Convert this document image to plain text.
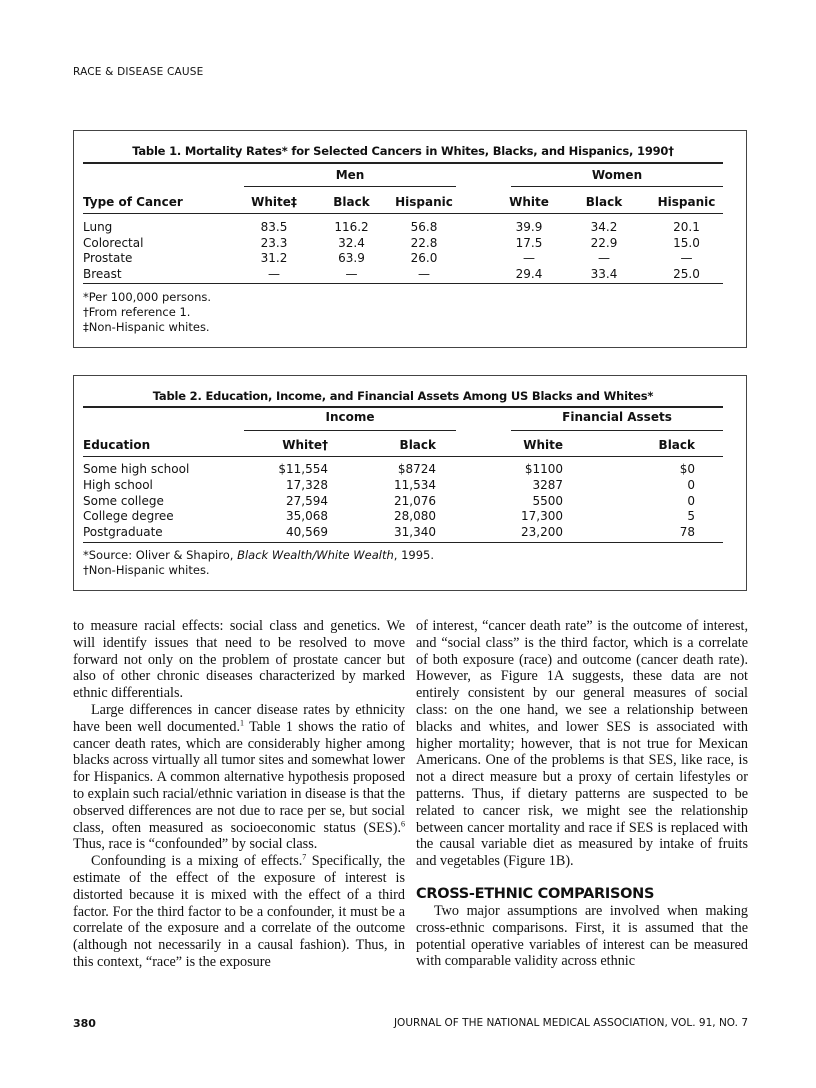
RACE & DISEASE CAUSE
Table 1. Mortality Rates* for Selected Cancers in Whites, Blacks, and Hispanics, 1990†
Men	Women
Type of Cancer	White‡	Black	Hispanic	White	Black	Hispanic
Lung	83.5	116.2	56.8	39.9	34.2	20.1
Colorectal	23.3	32.4	22.8	17.5	22.9	15.0
Prostate	31.2	63.9	26.0	—	—	—
Breast	—	—	—	29.4	33.4	25.0
*Per 100,000 persons.
†From reference 1.
‡Non-Hispanic whites.
Table 2. Education, Income, and Financial Assets Among US Blacks and Whites*
Income	Financial Assets
Education	White†	Black	White	Black
Some high school	$11,554	$8724	$1100	$0
High school	17,328	11,534	3287	0
Some college	27,594	21,076	5500	0
College degree	35,068	28,080	17,300	5
Postgraduate	40,569	31,340	23,200	78
*Source: Oliver & Shapiro, Black Wealth/White Wealth, 1995.
†Non-Hispanic whites.

to measure racial effects: social class and genetics. We will identify issues that need to be resolved to move forward not only on the problem of prostate cancer but also of other chronic diseases characterized by marked ethnic differentials.

Large differences in cancer disease rates by ethnicity have been well documented.$^1$ Table 1 shows the ratio of cancer death rates, which are considerably higher among blacks across virtually all tumor sites and somewhat lower for Hispanics. A common alternative hypothesis proposed to explain such racial/ethnic variation in disease is that the observed differences are not due to race per se, but social class, often measured as socioeconomic status (SES).$^6$ Thus, race is “confounded” by social class.

Confounding is a mixing of effects.$^7$ Specifically, the estimate of the effect of the exposure of interest is distorted because it is mixed with the effect of a third factor. For the third factor to be a confounder, it must be a correlate of the exposure and a correlate of the outcome (although not necessarily in a causal fashion). Thus, in this context, “race” is the exposure

of interest, “cancer death rate” is the outcome of interest, and “social class” is the third factor, which is a correlate of both exposure (race) and outcome (cancer death rate). However, as Figure 1A suggests, these data are not entirely consistent by our general measures of social class: on the one hand, we see a relationship between blacks and whites, and lower SES is associated with higher mortality; however, that is not true for Mexican Americans. One of the problems is that SES, like race, is not a direct measure but a proxy of certain lifestyles or patterns. Thus, if dietary patterns are suspected to be related to cancer risk, we might see the relationship between cancer mortality and race if SES is replaced with the causal variable diet as measured by intake of fruits and vegetables (Figure 1B).

CROSS-ETHNIC COMPARISONS

Two major assumptions are involved when making cross-ethnic comparisons. First, it is assumed that the potential operative variables of interest can be measured with comparable validity across ethnic

380	JOURNAL OF THE NATIONAL MEDICAL ASSOCIATION, VOL. 91, NO. 7
